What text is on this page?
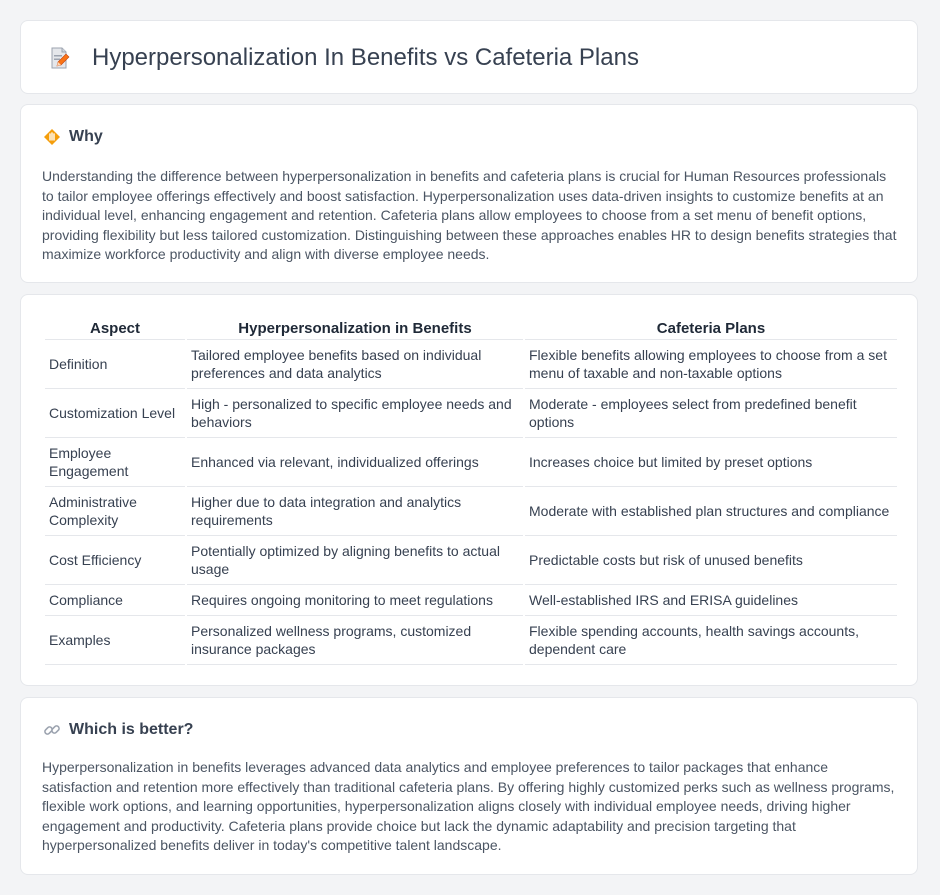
Hyperpersonalization In Benefits vs Cafeteria Plans
Why

Understanding the difference between hyperpersonalization in benefits and cafeteria plans is crucial for Human Resources professionals to tailor employee offerings effectively and boost satisfaction. Hyperpersonalization uses data-driven insights to customize benefits at an individual level, enhancing engagement and retention. Cafeteria plans allow employees to choose from a set menu of benefit options, providing flexibility but less tailored customization. Distinguishing between these approaches enables HR to design benefits strategies that maximize workforce productivity and align with diverse employee needs.

Aspect	Hyperpersonalization in Benefits	Cafeteria Plans
Definition	Tailored employee benefits based on individual preferences and data analytics	Flexible benefits allowing employees to choose from a set menu of taxable and non-taxable options
Customization Level	High - personalized to specific employee needs and behaviors	Moderate - employees select from predefined benefit options
Employee Engagement	Enhanced via relevant, individualized offerings	Increases choice but limited by preset options
Administrative Complexity	Higher due to data integration and analytics requirements	Moderate with established plan structures and compliance
Cost Efficiency	Potentially optimized by aligning benefits to actual usage	Predictable costs but risk of unused benefits
Compliance	Requires ongoing monitoring to meet regulations	Well-established IRS and ERISA guidelines
Examples	Personalized wellness programs, customized insurance packages	Flexible spending accounts, health savings accounts, dependent care
Which is better?

Hyperpersonalization in benefits leverages advanced data analytics and employee preferences to tailor packages that enhance satisfaction and retention more effectively than traditional cafeteria plans. By offering highly customized perks such as wellness programs, flexible work options, and learning opportunities, hyperpersonalization aligns closely with individual employee needs, driving higher engagement and productivity. Cafeteria plans provide choice but lack the dynamic adaptability and precision targeting that hyperpersonalized benefits deliver in today's competitive talent landscape.
